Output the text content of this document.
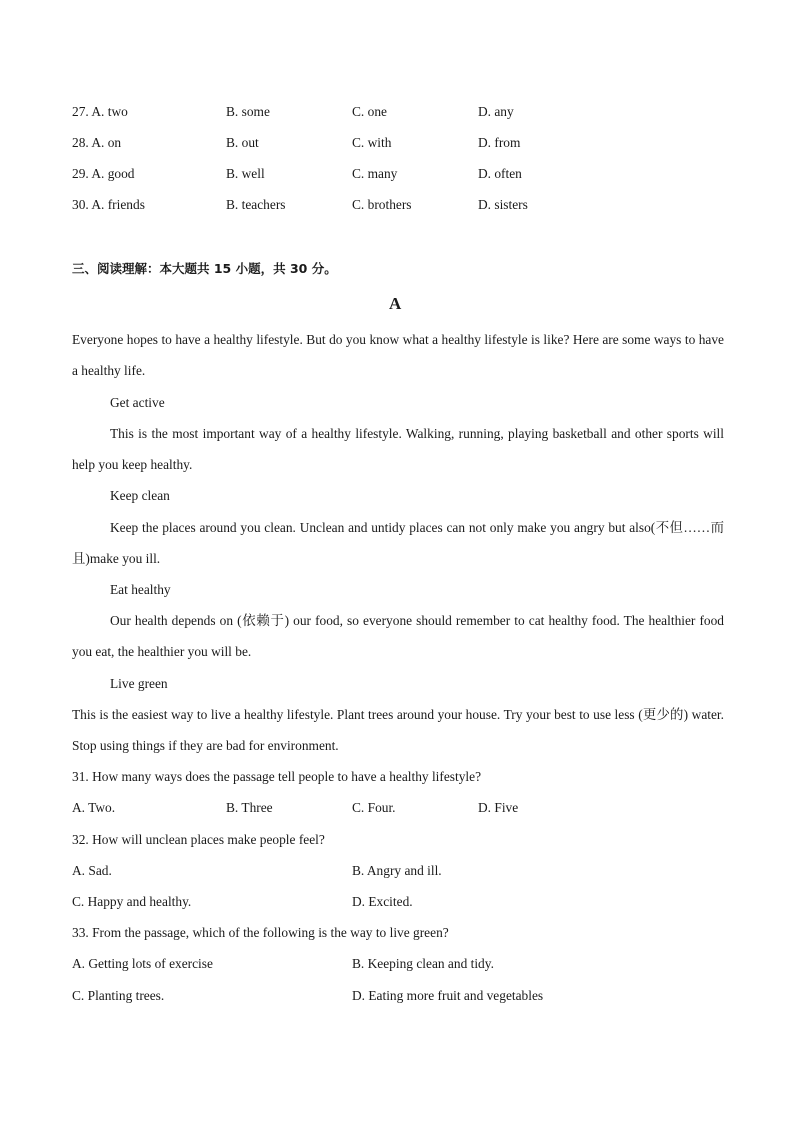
27. A. two	B. some	C. one	D. any
28. A. on	B. out	C. with	D. from
29. A. good	B. well	C. many	D. often
30. A. friends	B. teachers	C. brothers	D. sisters
三、阅读理解：本大题共 15 小题，共 30 分。
A
Everyone hopes to have a healthy lifestyle. But do you know what a healthy lifestyle is like? Here are some ways to have a healthy life.
Get active
This is the most important way of a healthy lifestyle. Walking, running, playing basketball and other sports will help you keep healthy.
Keep clean
Keep the places around you clean. Unclean and untidy places can not only make you angry but also(不但……而且)make you ill.
Eat healthy
Our health depends on (依赖于) our food, so everyone should remember to cat healthy food. The healthier food you eat, the healthier you will be.
Live green
This is the easiest way to live a healthy lifestyle. Plant trees around your house. Try your best to use less (更少的) water. Stop using things if they are bad for environment.
31. How many ways does the passage tell people to have a healthy lifestyle?
A. Two.	B. Three	C. Four.	D. Five
32. How will unclean places make people feel?
A. Sad.	B. Angry and ill.
C. Happy and healthy.	D. Excited.
33. From the passage, which of the following is the way to live green?
A. Getting lots of exercise	B. Keeping clean and tidy.
C. Planting trees.	D. Eating more fruit and vegetables
